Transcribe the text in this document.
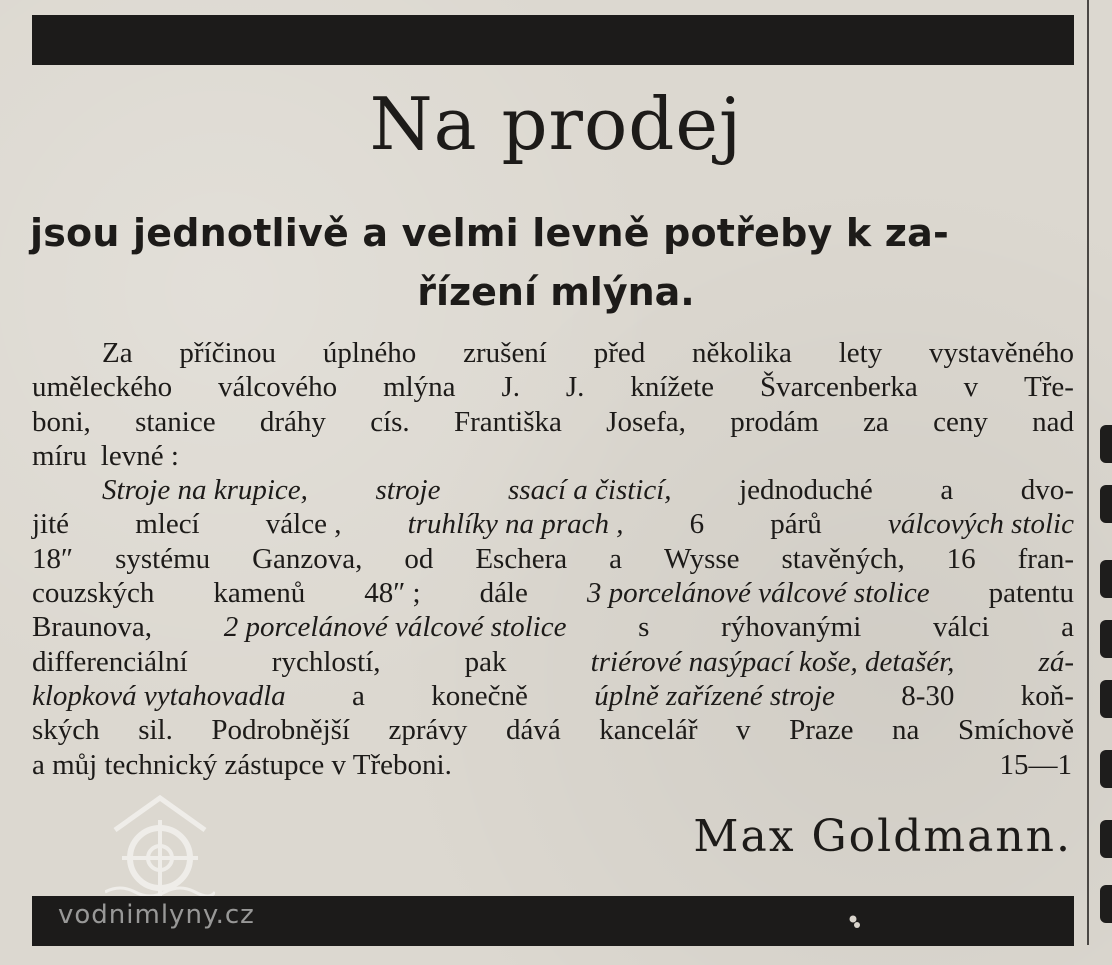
Na prodej
jsou jednotlivě a velmi levně potřeby k za-
řízení mlýna.
Za příčinou úplného zrušení před několika lety vystavěného
uměleckého válcového mlýna J. J. knížete Švarcenberka v Tře-
boni, stanice dráhy cís. Františka Josefa, prodám za ceny nad
míru levné :
Stroje na krupice, stroje ssací a čisticí, jednoduché a dvo-
jité mlecí válce , truhlíky na prach , 6 párů válcových stolic
18″ systému Ganzova, od Eschera a Wysse stavěných, 16 fran-
couzských kamenů 48″ ; dále 3 porcelánové válcové stolice patentu
Braunova, 2 porcelánové válcové stolice s rýhovanými válci a
differenciální	rychlostí,	pak	triérové nasýpací koše, detašér,	zá-
klopková vytahovadla a konečně úplně zařízené stroje 8-30 koň-
ských sil. Podrobnější zprávy dává kancelář v Praze na Smíchově
a můj technický zástupce v Třeboni.	15—1
Max Goldmann.
vodnimlyny.cz
